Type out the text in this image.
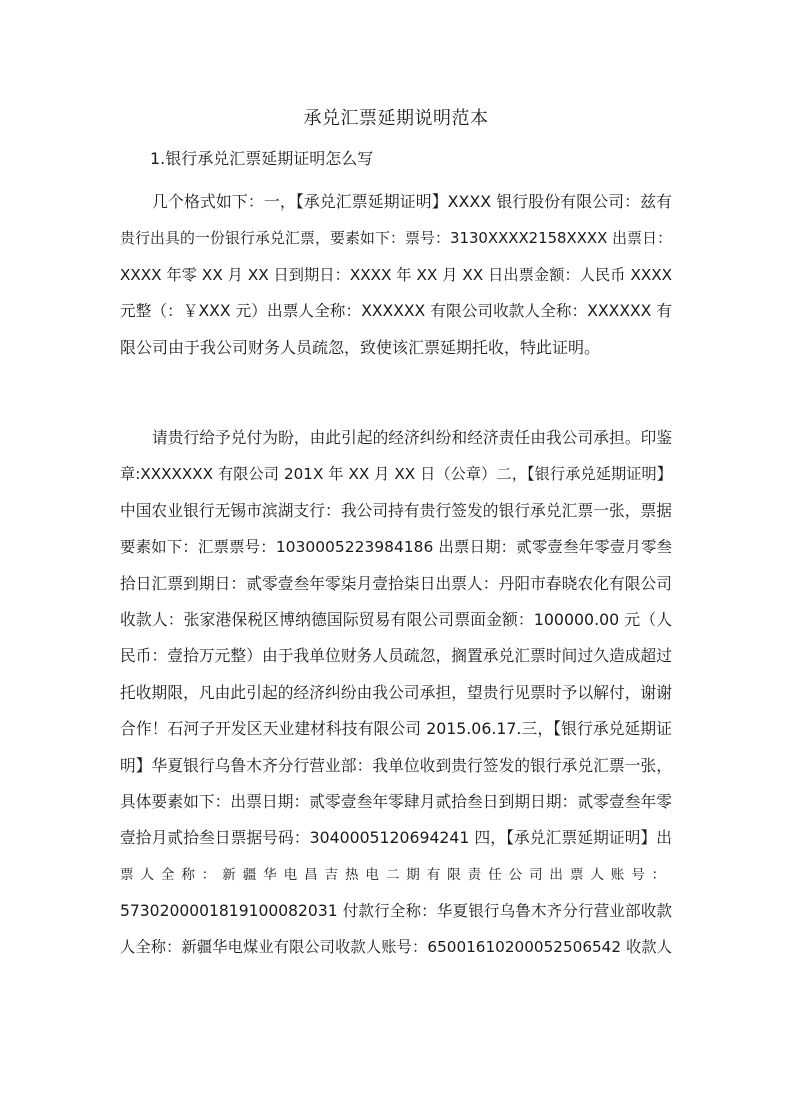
承兑汇票延期说明范本
1.银行承兑汇票延期证明怎么写
几个格式如下：一，【承兑汇票延期证明】XXXX 银行股份有限公司：兹有
贵行出具的一份银行承兑汇票，要素如下：票号：3130XXXX2158XXXX 出票日：
XXXX 年零 XX 月 XX 日到期日：XXXX 年 XX 月 XX 日出票金额：人民币 XXXX
元整（：￥XXX 元）出票人全称：XXXXXX 有限公司收款人全称：XXXXXX 有
限公司由于我公司财务人员疏忽，致使该汇票延期托收，特此证明。
请贵行给予兑付为盼，由此引起的经济纠纷和经济责任由我公司承担。印鉴
章:XXXXXXX 有限公司 201X 年 XX 月 XX 日（公章）二，【银行承兑延期证明】
中国农业银行无锡市滨湖支行：我公司持有贵行签发的银行承兑汇票一张，票据
要素如下：汇票票号：1030005223984186 出票日期：贰零壹叁年零壹月零叁
拾日汇票到期日：贰零壹叁年零柒月壹拾柒日出票人：丹阳市春晓农化有限公司
收款人：张家港保税区博纳德国际贸易有限公司票面金额：100000.00 元（人
民币：壹拾万元整）由于我单位财务人员疏忽，搁置承兑汇票时间过久造成超过
托收期限，凡由此引起的经济纠纷由我公司承担，望贵行见票时予以解付，谢谢
合作！石河子开发区天业建材科技有限公司 2015.06.17.三，【银行承兑延期证
明】华夏银行乌鲁木齐分行营业部：我单位收到贵行签发的银行承兑汇票一张，
具体要素如下：出票日期：贰零壹叁年零肆月贰拾叁日到期日期：贰零壹叁年零
壹拾月贰拾叁日票据号码：3040005120694241 四，【承兑汇票延期证明】出
票人全称：新疆华电昌吉热电二期有限责任公司出票人账号：
5730200001819100082031 付款行全称：华夏银行乌鲁木齐分行营业部收款
人全称：新疆华电煤业有限公司收款人账号：65001610200052506542 收款人
